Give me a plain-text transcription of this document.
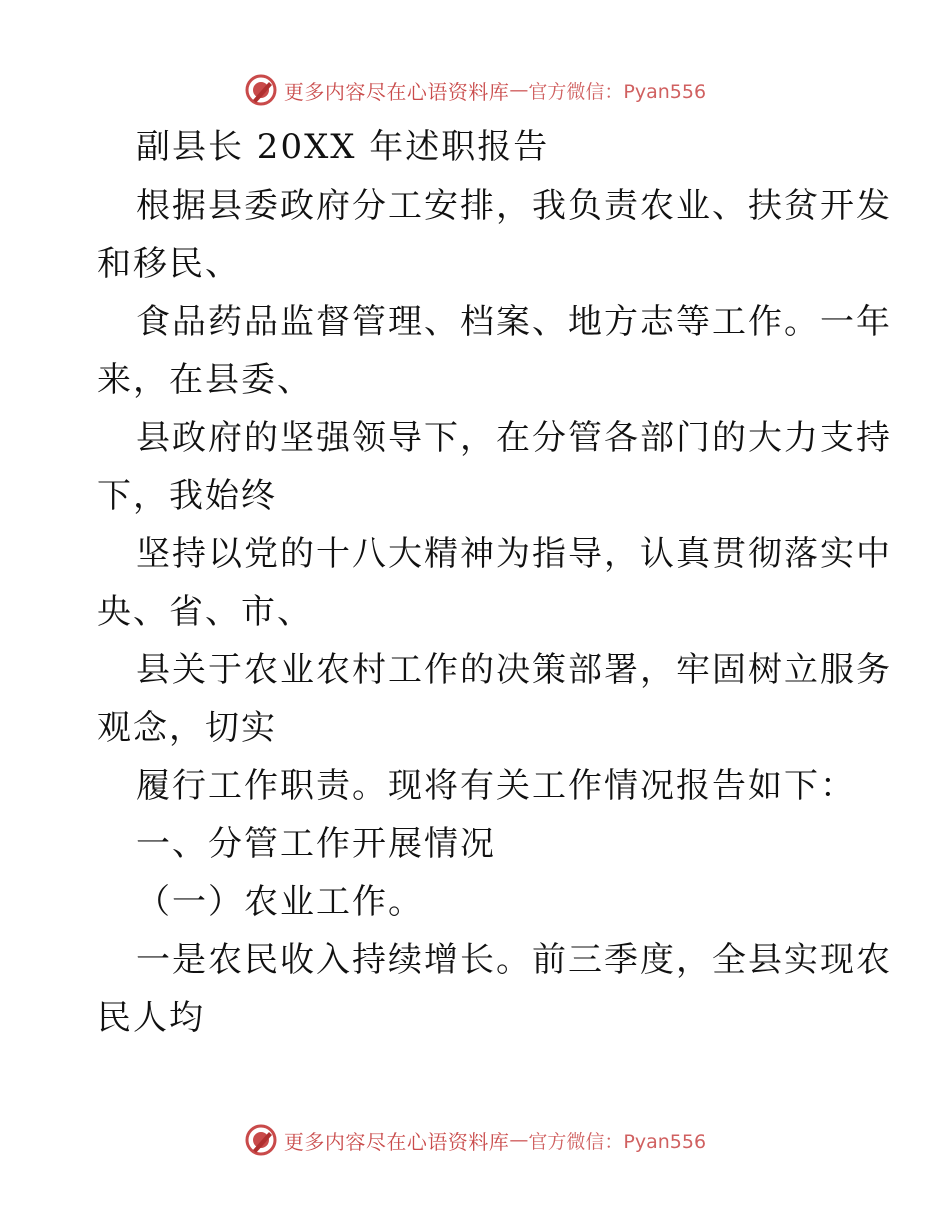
更多内容尽在心语资料库 — 官方微信：Pyan556
副县长 20XX 年述职报告
根据县委政府分工安排，我负责农业、扶贫开发
和移民、
食品药品监督管理、档案、地方志等工作。一年
来，在县委、
县政府的坚强领导下，在分管各部门的大力支持
下，我始终
坚持以党的十八大精神为指导，认真贯彻落实中
央、省、市、
县关于农业农村工作的决策部署，牢固树立服务
观念，切实
履行工作职责。现将有关工作情况报告如下：
一、分管工作开展情况
（一）农业工作。
一是农民收入持续增长。前三季度，全县实现农
民人均
更多内容尽在心语资料库 — 官方微信：Pyan556
